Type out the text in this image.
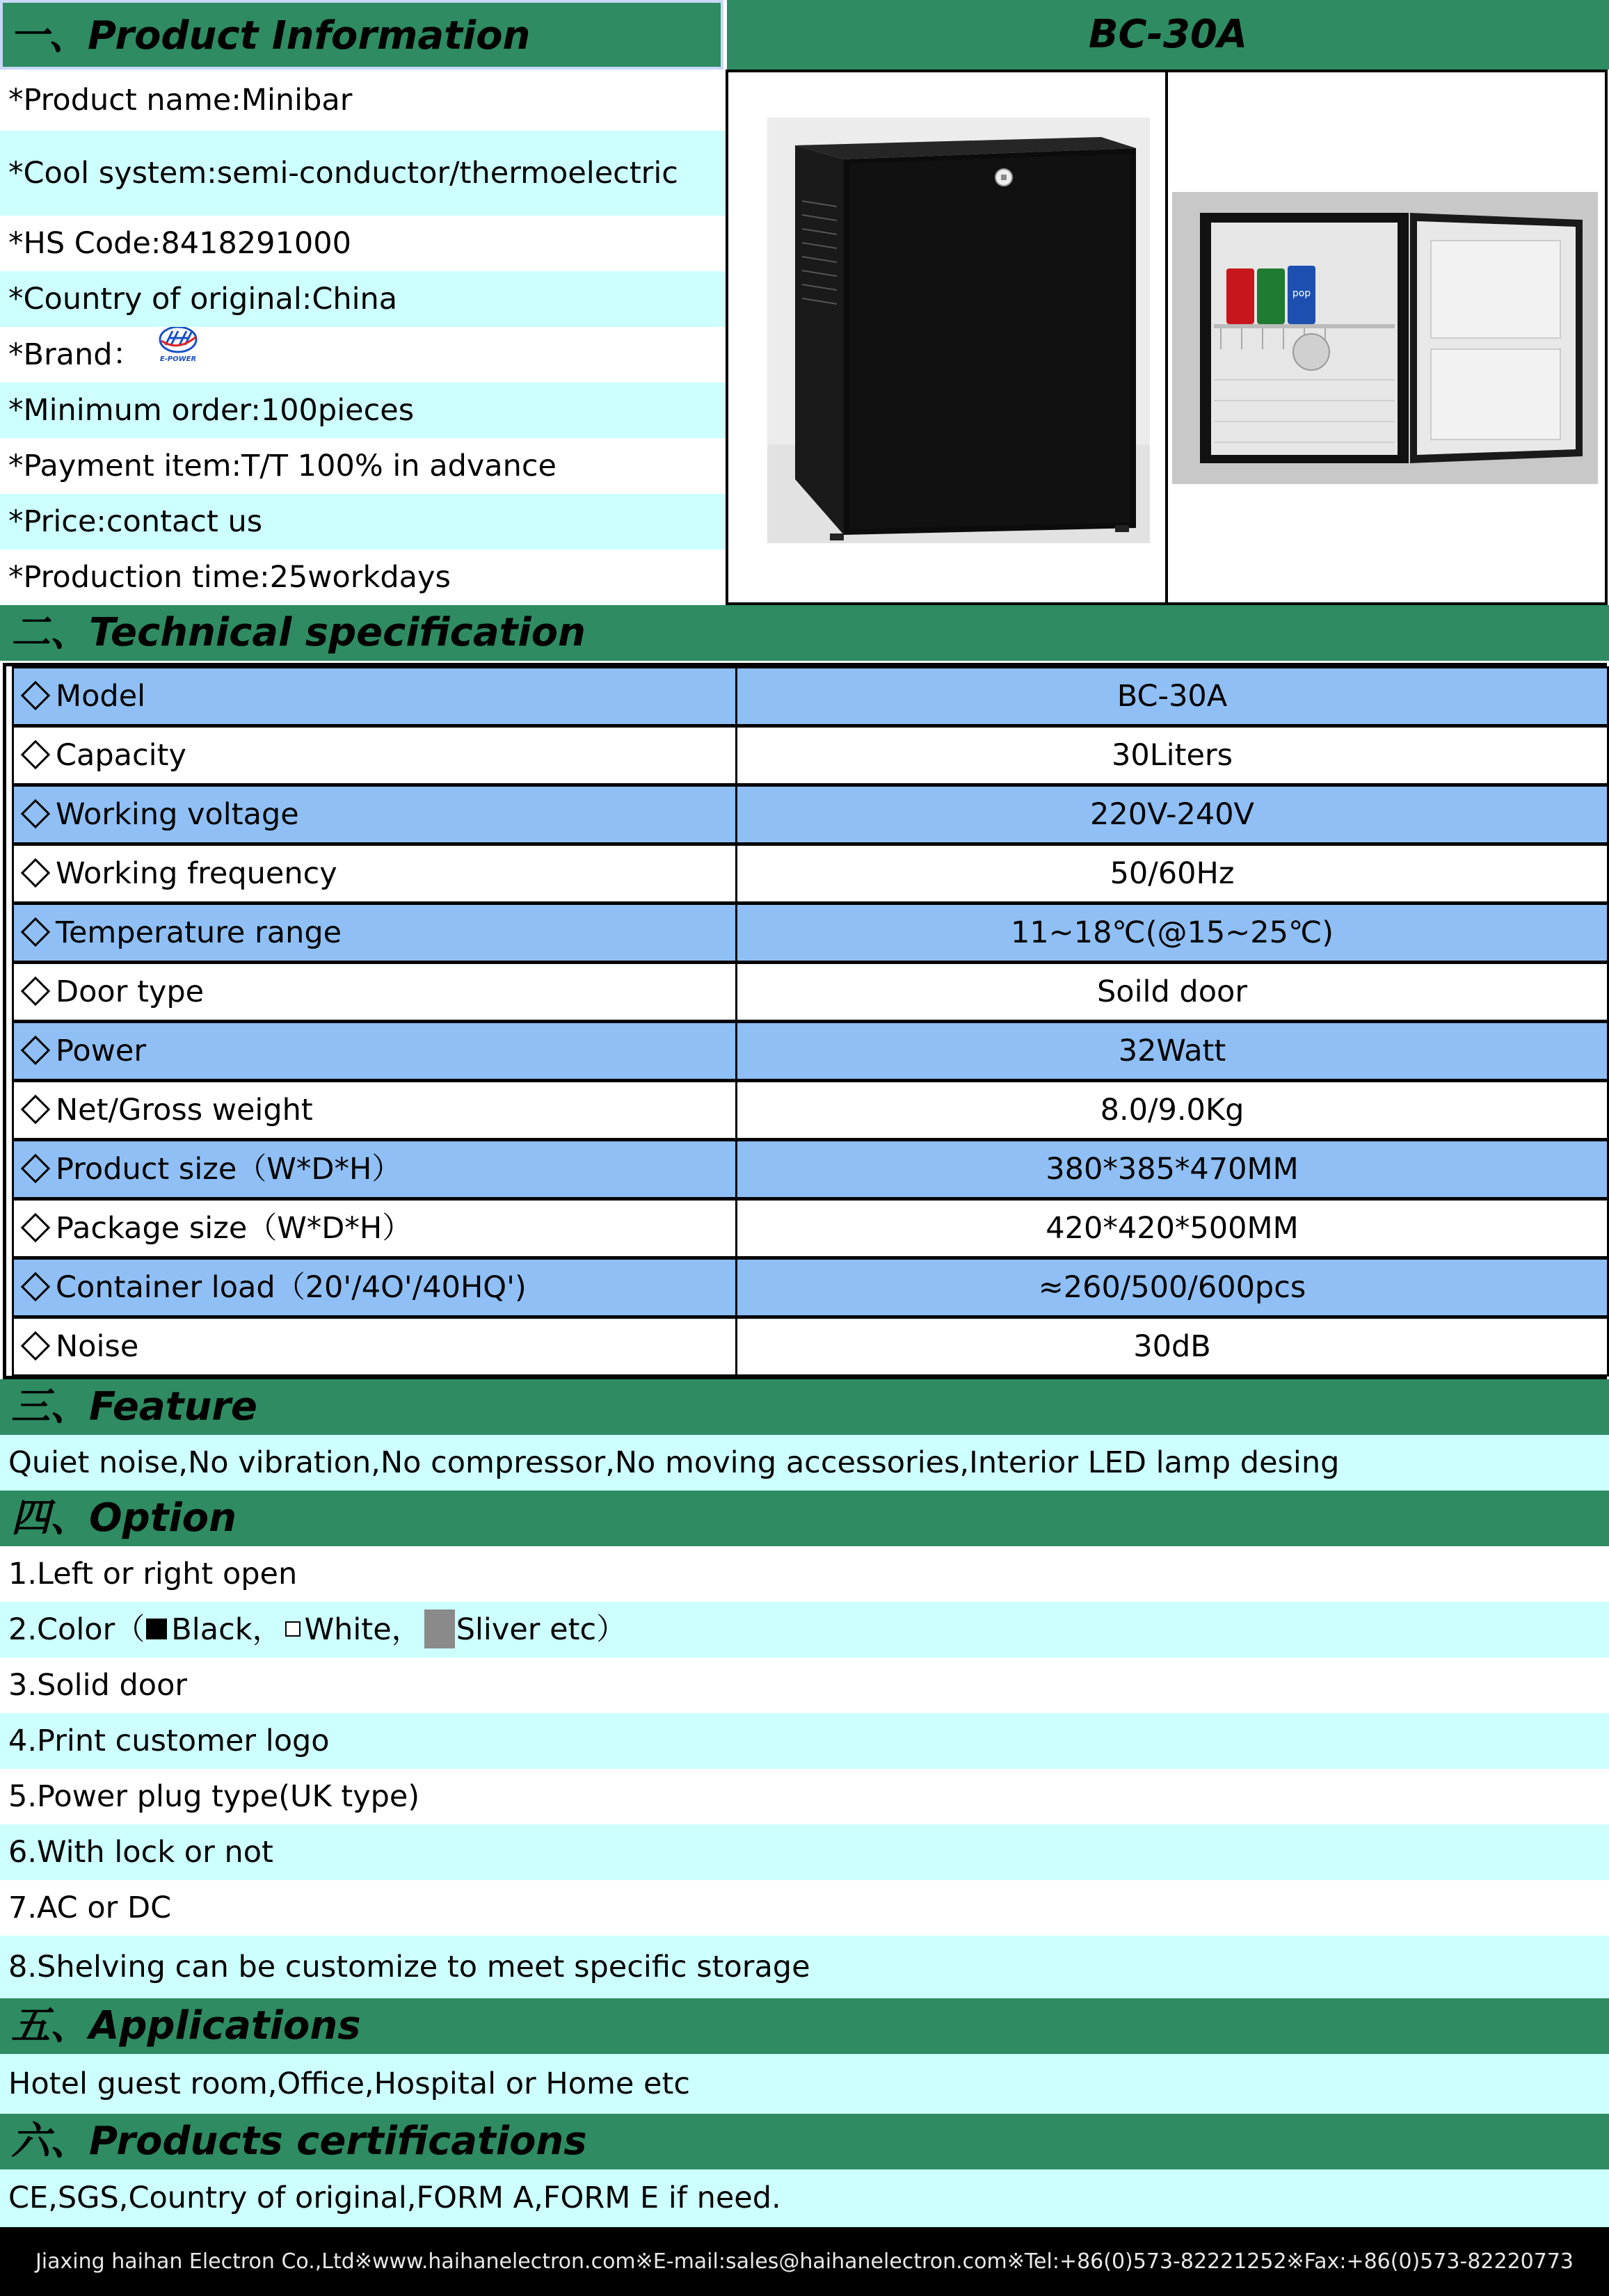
一、Product Information	BC-30A
*Product name:Minibar
*Cool system:semi-conductor/thermoelectric
*HS Code:8418291000
*Country of original:China
*Brand：	E-POWER
*Minimum order:100pieces
*Payment item:T/T 100% in advance
*Price:contact us
*Production time:25workdays
pop
二、Technical specification
Model	BC-30A
Capacity	30Liters
Working voltage	220V-240V
Working frequency	50/60Hz
Temperature range	11~18℃(@15~25℃)
Door type	Soild door
Power	32Watt
Net/Gross weight	8.0/9.0Kg
Product size（W*D*H）	380*385*470MM
Package size（W*D*H）	420*420*500MM
Container load（20'/4O'/40HQ')	≈260/500/600pcs
Noise	30dB
三、Feature
Quiet noise,No vibration,No compressor,No moving accessories,Interior LED lamp desing
四、Option
1.Left or right open
2.Color（ Black， White， Sliver etc）
3.Solid door
4.Print customer logo
5.Power plug type(UK type)
6.With lock or not
7.AC or DC
8.Shelving can be customize to meet specific storage
五、Applications
Hotel guest room,Office,Hospital or Home etc
六、Products certifications
CE,SGS,Country of original,FORM A,FORM E if need.
Jiaxing haihan Electron Co.,Ltd※www.haihanelectron.com※E-mail:sales@haihanelectron.com※Tel:+86(0)573-82221252※Fax:+86(0)573-82220773
